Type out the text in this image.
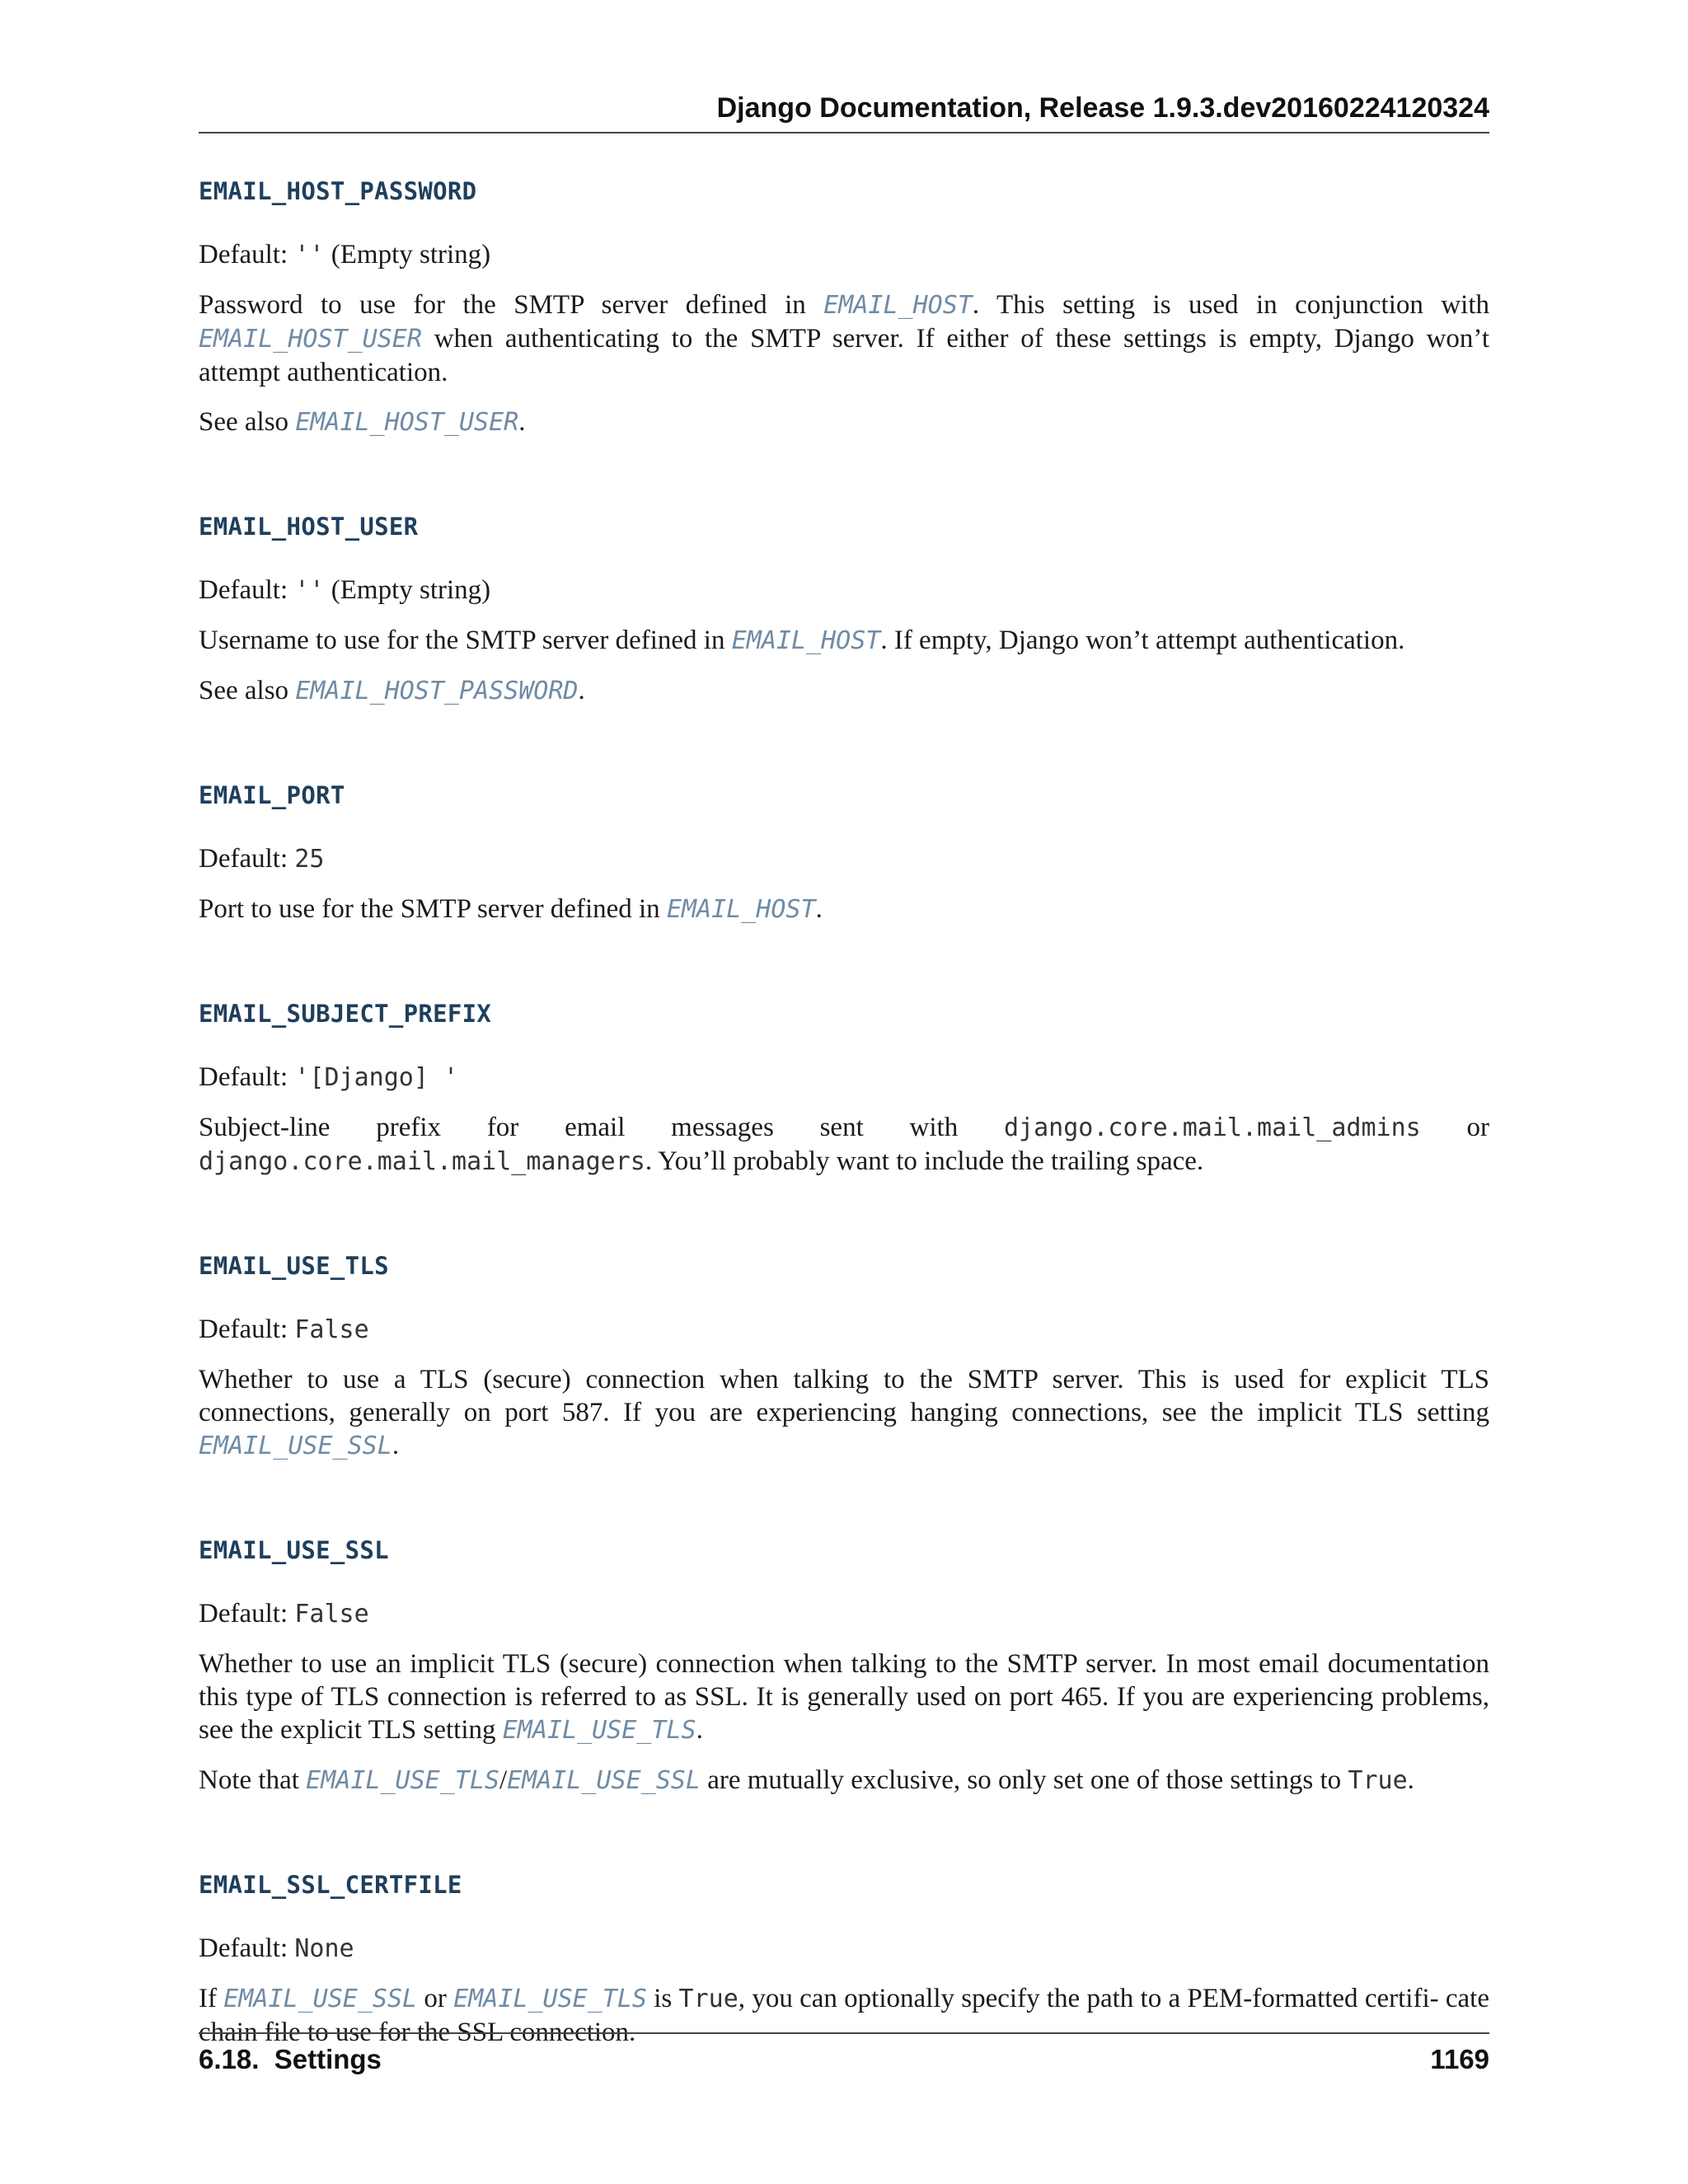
Django Documentation, Release 1.9.3.dev20160224120324
EMAIL_HOST_PASSWORD

Default: '' (Empty string)

Password to use for the SMTP server defined in EMAIL_HOST. This setting is used in conjunction with EMAIL_HOST_USER when authenticating to the SMTP server. If either of these settings is empty, Django won’t attempt authentication.

See also EMAIL_HOST_USER.

EMAIL_HOST_USER

Default: '' (Empty string)

Username to use for the SMTP server defined in EMAIL_HOST. If empty, Django won’t attempt authentication.

See also EMAIL_HOST_PASSWORD.

EMAIL_PORT

Default: 25

Port to use for the SMTP server defined in EMAIL_HOST.

EMAIL_SUBJECT_PREFIX

Default: '[Django] '

Subject-line prefix for email messages sent with django.core.mail.mail_admins or django.core.mail.mail_managers. You’ll probably want to include the trailing space.

EMAIL_USE_TLS

Default: False

Whether to use a TLS (secure) connection when talking to the SMTP server. This is used for explicit TLS connections, generally on port 587. If you are experiencing hanging connections, see the implicit TLS setting EMAIL_USE_SSL.

EMAIL_USE_SSL

Default: False

Whether to use an implicit TLS (secure) connection when talking to the SMTP server. In most email documentation this type of TLS connection is referred to as SSL. It is generally used on port 465. If you are experiencing problems, see the explicit TLS setting EMAIL_USE_TLS.

Note that EMAIL_USE_TLS/EMAIL_USE_SSL are mutually exclusive, so only set one of those settings to True.

EMAIL_SSL_CERTFILE

Default: None

If EMAIL_USE_SSL or EMAIL_USE_TLS is True, you can optionally specify the path to a PEM-formatted certifi- cate chain file to use for the SSL connection.

6.18.  Settings	1169
